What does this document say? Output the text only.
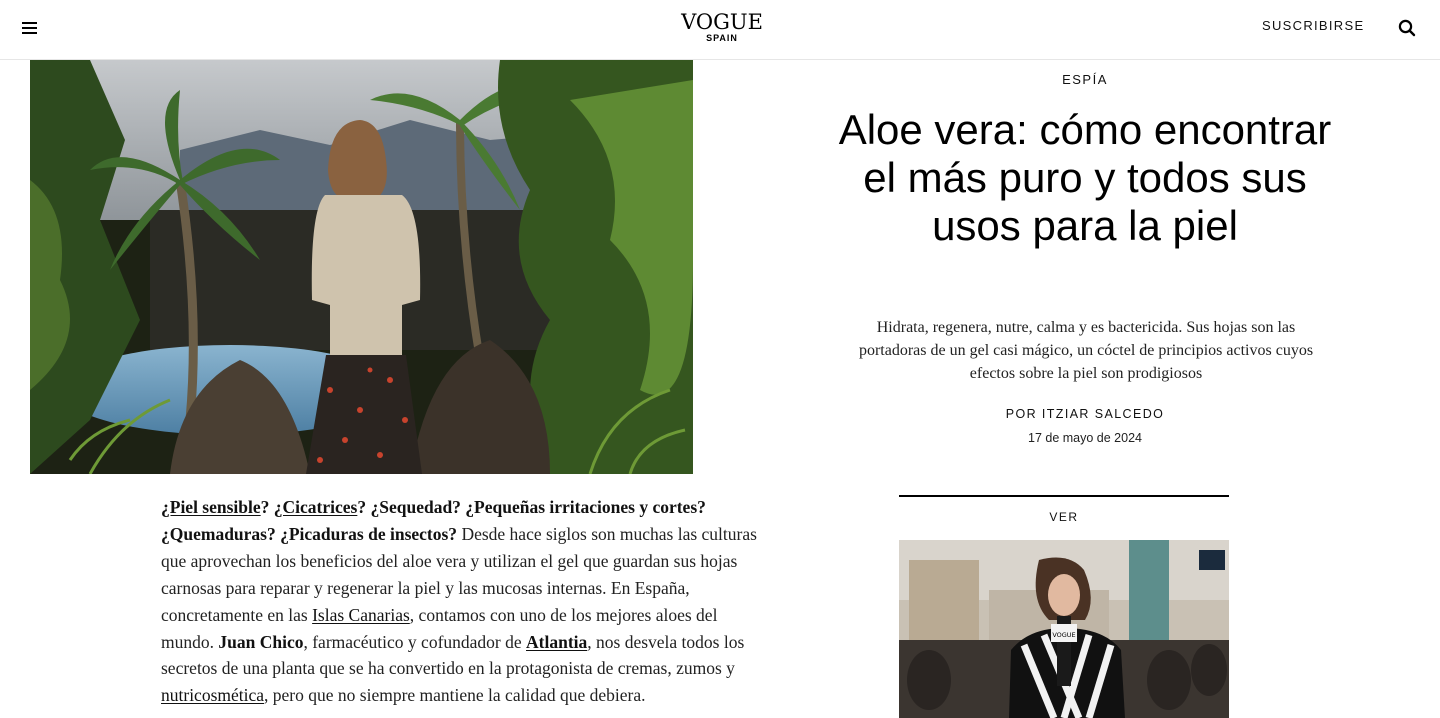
VOGUE
SPAIN
SUSCRIBIRSE
ESPÍA
Aloe vera: cómo encontrar el más puro y todos sus usos para la piel

Hidrata, regenera, nutre, calma y es bactericida. Sus hojas son las portadoras de un gel casi mágico, un cóctel de principios activos cuyos efectos sobre la piel son prodigiosos

POR ITZIAR SALCEDO
17 de mayo de 2024
VER
VOGUE
¿Piel sensible? ¿Cicatrices? ¿Sequedad? ¿Pequeñas irritaciones y cortes? ¿Quemaduras? ¿Picaduras de insectos? Desde hace siglos son muchas las culturas que aprovechan los beneficios del aloe vera y utilizan el gel que guardan sus hojas carnosas para reparar y regenerar la piel y las mucosas internas. En España, concretamente en las Islas Canarias, contamos con uno de los mejores aloes del mundo. Juan Chico, farmacéutico y cofundador de Atlantia, nos desvela todos los secretos de una planta que se ha convertido en la protagonista de cremas, zumos y nutricosmética, pero que no siempre mantiene la calidad que debiera.
